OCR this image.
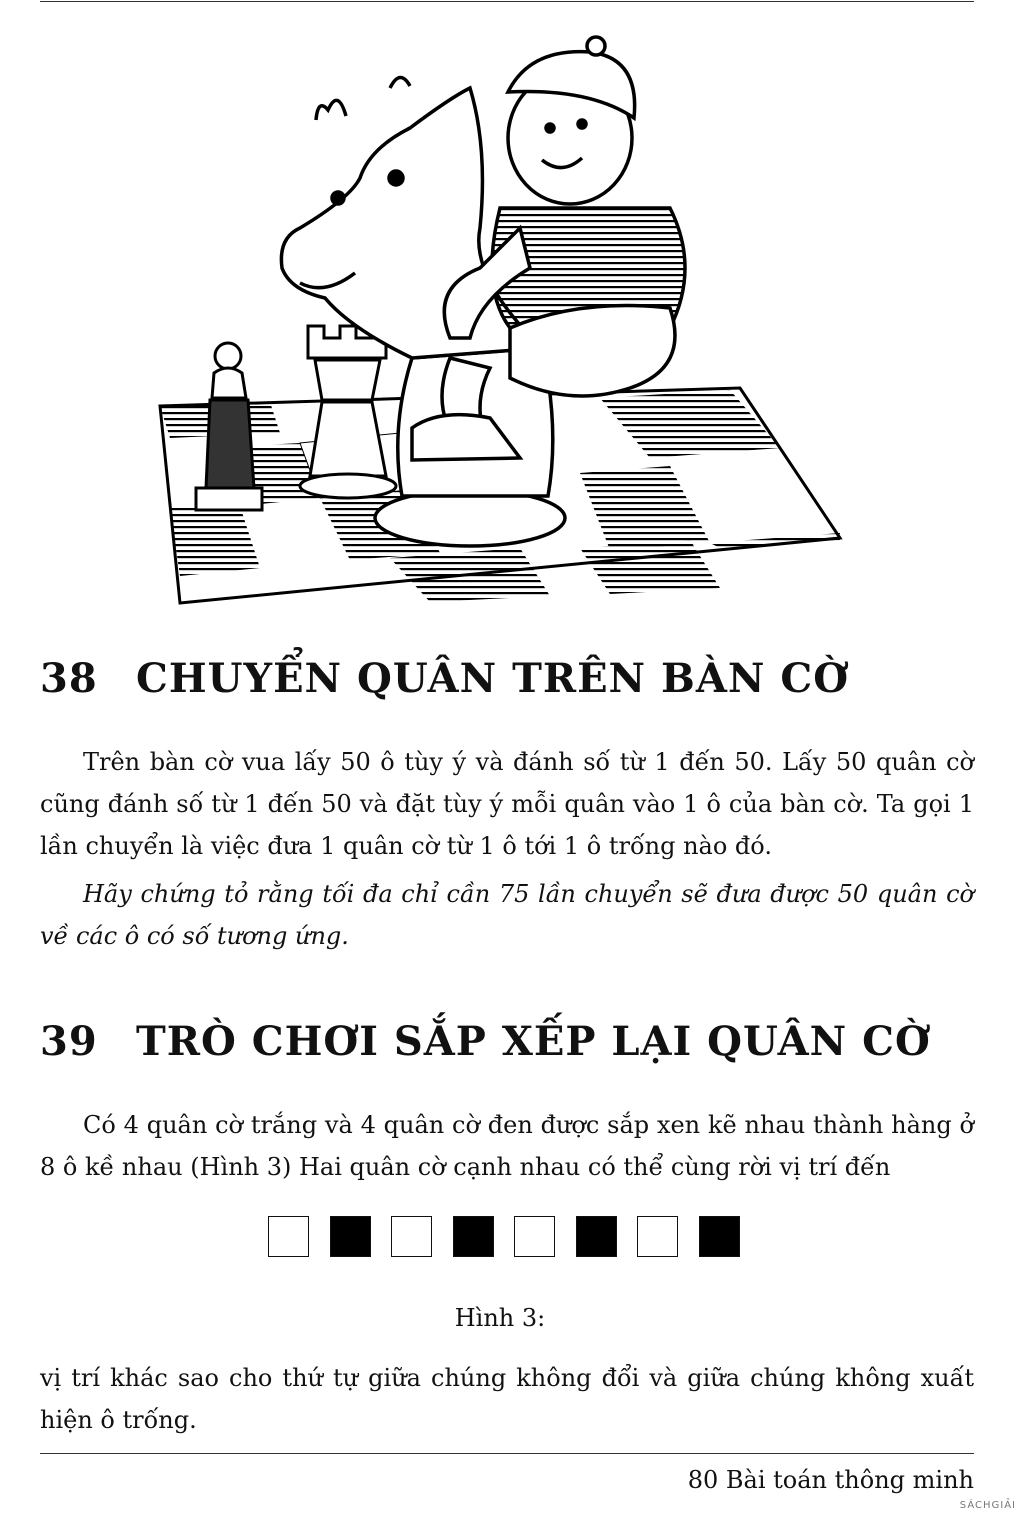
38 CHUYỂN QUÂN TRÊN BÀN CỜ

Trên bàn cờ vua lấy 50 ô tùy ý và đánh số từ 1 đến 50. Lấy 50 quân cờ cũng đánh số từ 1 đến 50 và đặt tùy ý mỗi quân vào 1 ô của bàn cờ. Ta gọi 1 lần chuyển là việc đưa 1 quân cờ từ 1 ô tới 1 ô trống nào đó.

Hãy chứng tỏ rằng tối đa chỉ cần 75 lần chuyển sẽ đưa được 50 quân cờ về các ô có số tương ứng.

39 TRÒ CHƠI SẮP XẾP LẠI QUÂN CỜ

Có 4 quân cờ trắng và 4 quân cờ đen được sắp xen kẽ nhau thành hàng ở 8 ô kề nhau (Hình 3) Hai quân cờ cạnh nhau có thể cùng rời vị trí đến

Hình 3:

vị trí khác sao cho thứ tự giữa chúng không đổi và giữa chúng không xuất hiện ô trống.

80 Bài toán thông minh
SÁCHGIẢI
